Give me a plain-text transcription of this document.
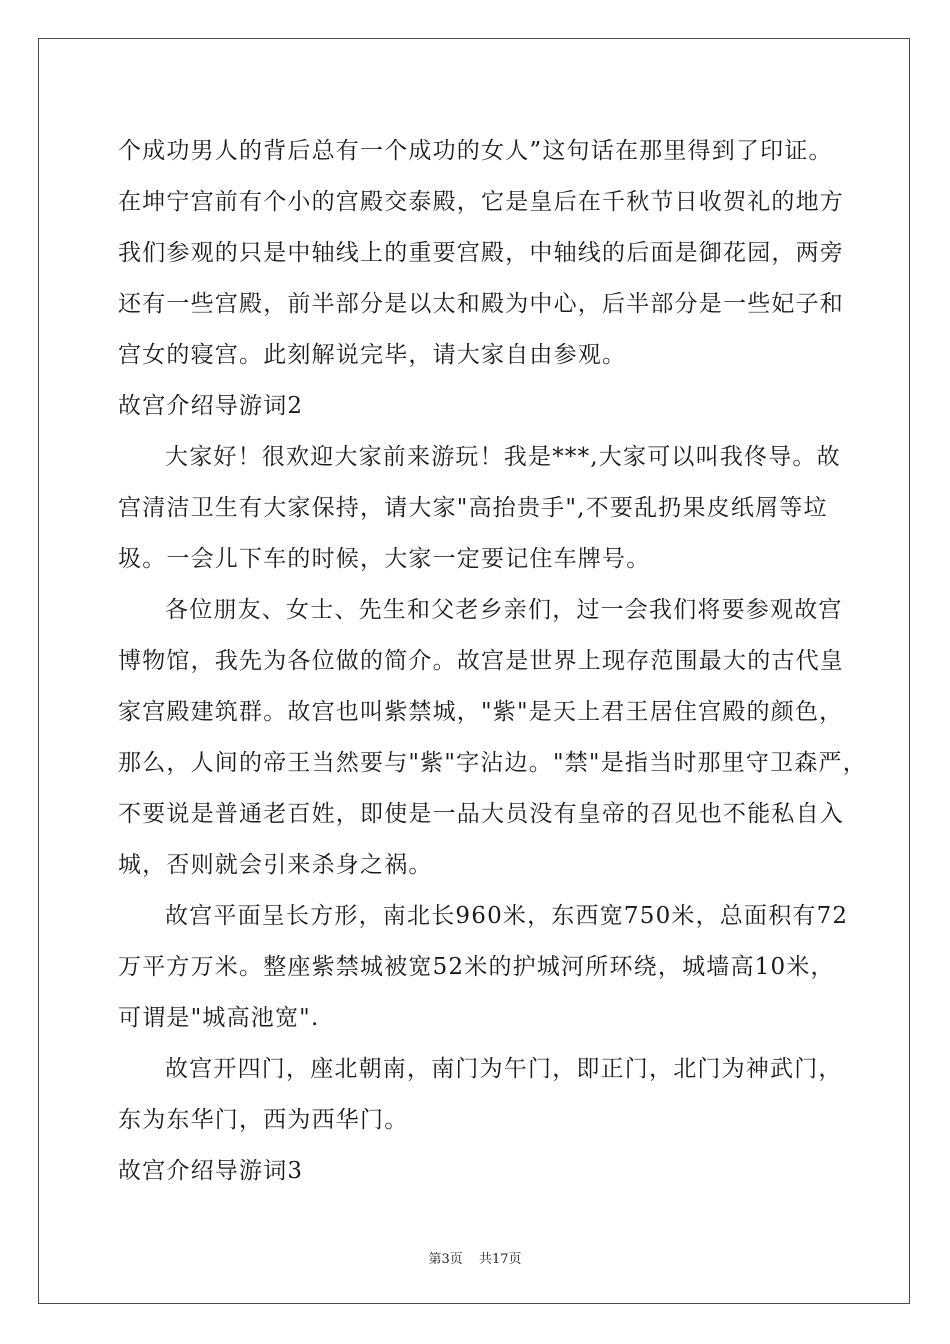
个成功男人的背后总有一个成功的女人”这句话在那里得到了印证。
在坤宁宫前有个小的宫殿交泰殿，它是皇后在千秋节日收贺礼的地方
我们参观的只是中轴线上的重要宫殿，中轴线的后面是御花园，两旁
还有一些宫殿，前半部分是以太和殿为中心，后半部分是一些妃子和
宫女的寝宫。此刻解说完毕，请大家自由参观。
故宫介绍导游词2
大家好！很欢迎大家前来游玩！我是***,大家可以叫我佟导。故
宫清洁卫生有大家保持，请大家"高抬贵手",不要乱扔果皮纸屑等垃
圾。一会儿下车的时候，大家一定要记住车牌号。
各位朋友、女士、先生和父老乡亲们，过一会我们将要参观故宫
博物馆，我先为各位做的简介。故宫是世界上现存范围最大的古代皇
家宫殿建筑群。故宫也叫紫禁城，"紫"是天上君王居住宫殿的颜色，
那么，人间的帝王当然要与"紫"字沾边。"禁"是指当时那里守卫森严，
不要说是普通老百姓，即使是一品大员没有皇帝的召见也不能私自入
城，否则就会引来杀身之祸。
故宫平面呈长方形，南北长960米，东西宽750米，总面积有72
万平方万米。整座紫禁城被宽52米的护城河所环绕，城墙高10米，
可谓是"城高池宽".
故宫开四门，座北朝南，南门为午门，即正门，北门为神武门，
东为东华门，西为西华门。
故宫介绍导游词3
第3页 共17页
